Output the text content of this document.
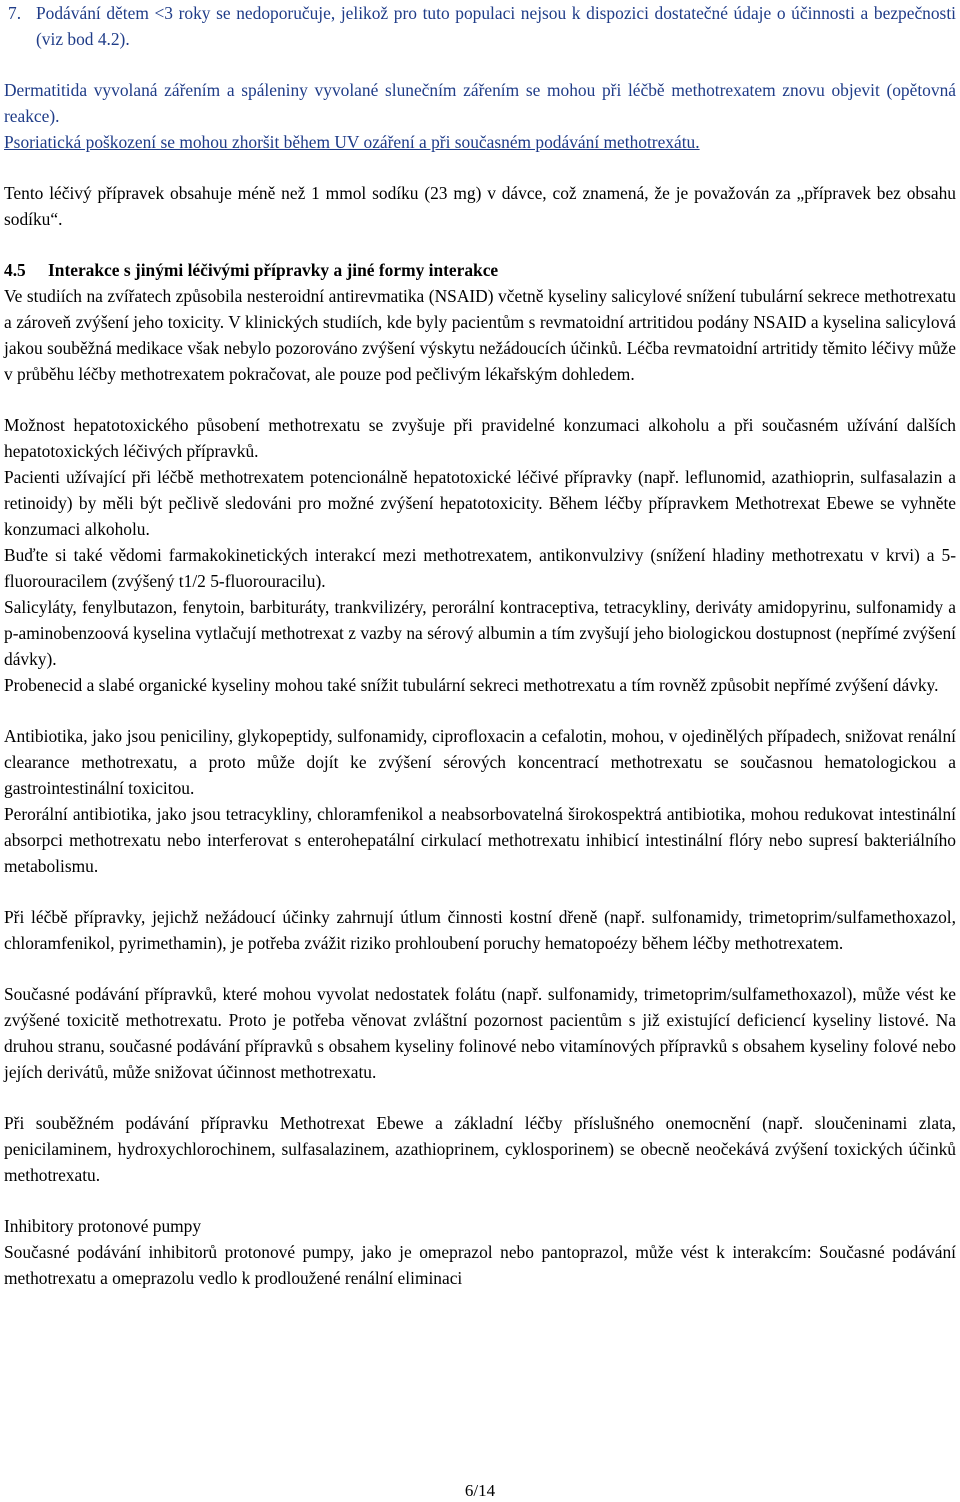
7. Podávání dětem <3 roky se nedoporučuje, jelikož pro tuto populaci nejsou k dispozici dostatečné údaje o účinnosti a bezpečnosti (viz bod 4.2).

Dermatitida vyvolaná zářením a spáleniny vyvolané slunečním zářením se mohou při léčbě methotrexatem znovu objevit (opětovná reakce).

Psoriatická poškození se mohou zhoršit během UV ozáření a při současném podávání methotrexátu.

Tento léčivý přípravek obsahuje méně než 1 mmol sodíku (23 mg) v dávce, což znamená, že je považován za „přípravek bez obsahu sodíku“.

4.5 Interakce s jinými léčivými přípravky a jiné formy interakce

Ve studiích na zvířatech způsobila nesteroidní antirevmatika (NSAID) včetně kyseliny salicylové snížení tubulární sekrece methotrexatu a zároveň zvýšení jeho toxicity. V klinických studiích, kde byly pacientům s revmatoidní artritidou podány NSAID a kyselina salicylová jakou souběžná medikace však nebylo pozorováno zvýšení výskytu nežádoucích účinků. Léčba revmatoidní artritidy těmito léčivy může v průběhu léčby methotrexatem pokračovat, ale pouze pod pečlivým lékařským dohledem.

Možnost hepatotoxického působení methotrexatu se zvyšuje při pravidelné konzumaci alkoholu a při současném užívání dalších hepatotoxických léčivých přípravků.

Pacienti užívající při léčbě methotrexatem potencionálně hepatotoxické léčivé přípravky (např. leflunomid, azathioprin, sulfasalazin a retinoidy) by měli být pečlivě sledováni pro možné zvýšení hepatotoxicity. Během léčby přípravkem Methotrexat Ebewe se vyhněte konzumaci alkoholu.

Buďte si také vědomi farmakokinetických interakcí mezi methotrexatem, antikonvulzivy (snížení hladiny methotrexatu v krvi) a 5-fluorouracilem (zvýšený t1/2 5-fluorouracilu).

Salicyláty, fenylbutazon, fenytoin, barbituráty, trankvilizéry, perorální kontraceptiva, tetracykliny, deriváty amidopyrinu, sulfonamidy a p-aminobenzoová kyselina vytlačují methotrexat z vazby na sérový albumin a tím zvyšují jeho biologickou dostupnost (nepřímé zvýšení dávky).

Probenecid a slabé organické kyseliny mohou také snížit tubulární sekreci methotrexatu a tím rovněž způsobit nepřímé zvýšení dávky.

Antibiotika, jako jsou peniciliny, glykopeptidy, sulfonamidy, ciprofloxacin a cefalotin, mohou, v ojedinělých případech, snižovat renální clearance methotrexatu, a proto může dojít ke zvýšení sérových koncentrací methotrexatu se současnou hematologickou a gastrointestinální toxicitou.

Perorální antibiotika, jako jsou tetracykliny, chloramfenikol a neabsorbovatelná širokospektrá antibiotika, mohou redukovat intestinální absorpci methotrexatu nebo interferovat s enterohepatální cirkulací methotrexatu inhibicí intestinální flóry nebo supresí bakteriálního metabolismu.

Při léčbě přípravky, jejichž nežádoucí účinky zahrnují útlum činnosti kostní dřeně (např. sulfonamidy, trimetoprim/sulfamethoxazol, chloramfenikol, pyrimethamin), je potřeba zvážit riziko prohloubení poruchy hematopoézy během léčby methotrexatem.

Současné podávání přípravků, které mohou vyvolat nedostatek folátu (např. sulfonamidy, trimetoprim/sulfamethoxazol), může vést ke zvýšené toxicitě methotrexatu. Proto je potřeba věnovat zvláštní pozornost pacientům s již existující deficiencí kyseliny listové. Na druhou stranu, současné podávání přípravků s obsahem kyseliny folinové nebo vitamínových přípravků s obsahem kyseliny folové nebo jejích derivátů, může snižovat účinnost methotrexatu.

Při souběžném podávání přípravku Methotrexat Ebewe a základní léčby příslušného onemocnění (např. sloučeninami zlata, penicilaminem, hydroxychlorochinem, sulfasalazinem, azathioprinem, cyklosporinem) se obecně neočekává zvýšení toxických účinků methotrexatu.

Inhibitory protonové pumpy

Současné podávání inhibitorů protonové pumpy, jako je omeprazol nebo pantoprazol, může vést k interakcím: Současné podávání methotrexatu a omeprazolu vedlo k prodloužené renální eliminaci

6/14
